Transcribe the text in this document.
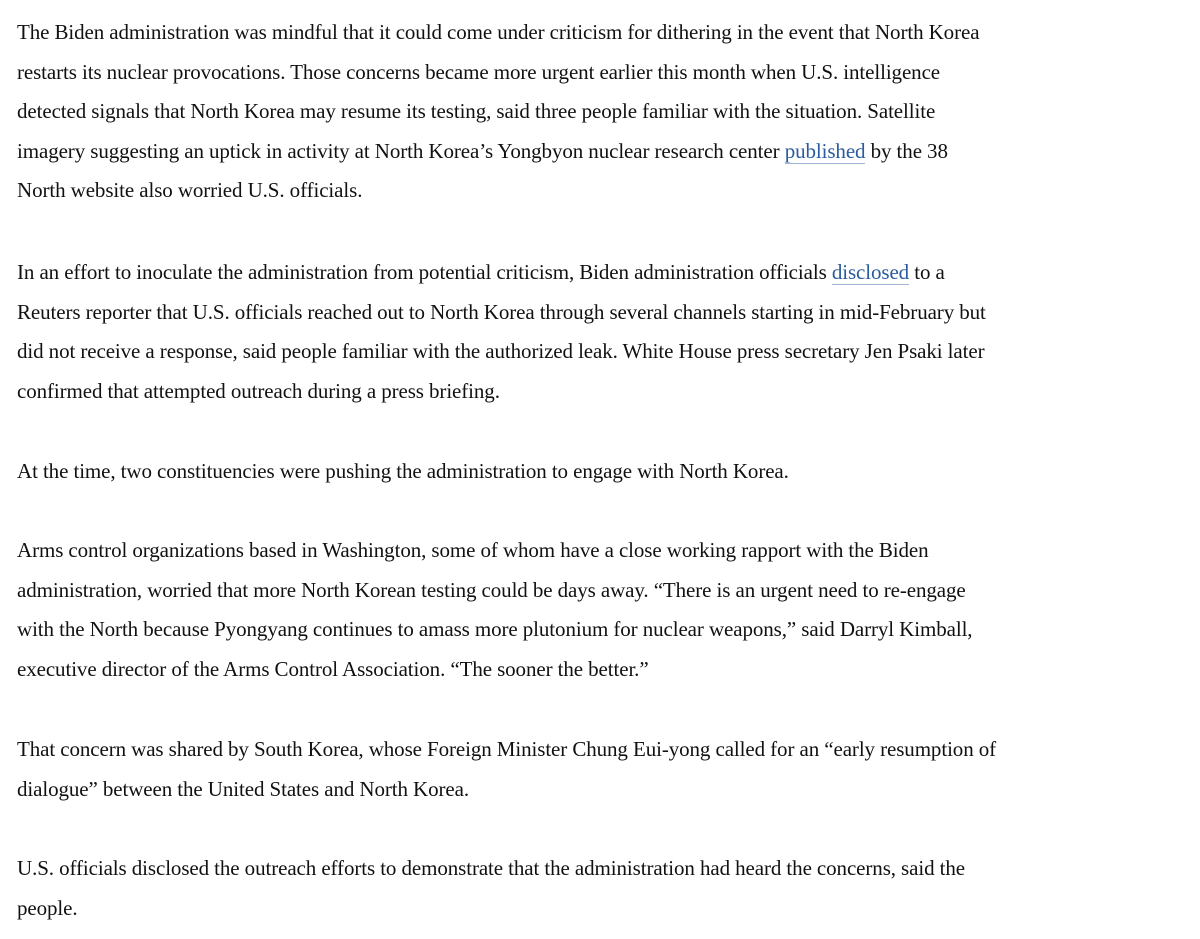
The Biden administration was mindful that it could come under criticism for dithering in the event that North Korea
restarts its nuclear provocations. Those concerns became more urgent earlier this month when U.S. intelligence
detected signals that North Korea may resume its testing, said three people familiar with the situation. Satellite
imagery suggesting an uptick in activity at North Korea’s Yongbyon nuclear research center published by the 38
North website also worried U.S. officials.

In an effort to inoculate the administration from potential criticism, Biden administration officials disclosed to a
Reuters reporter that U.S. officials reached out to North Korea through several channels starting in mid-February but
did not receive a response, said people familiar with the authorized leak. White House press secretary Jen Psaki later
confirmed that attempted outreach during a press briefing.

At the time, two constituencies were pushing the administration to engage with North Korea.

Arms control organizations based in Washington, some of whom have a close working rapport with the Biden
administration, worried that more North Korean testing could be days away. “There is an urgent need to re-engage
with the North because Pyongyang continues to amass more plutonium for nuclear weapons,” said Darryl Kimball,
executive director of the Arms Control Association. “The sooner the better.”

That concern was shared by South Korea, whose Foreign Minister Chung Eui-yong called for an “early resumption of
dialogue” between the United States and North Korea.

U.S. officials disclosed the outreach efforts to demonstrate that the administration had heard the concerns, said the
people.
